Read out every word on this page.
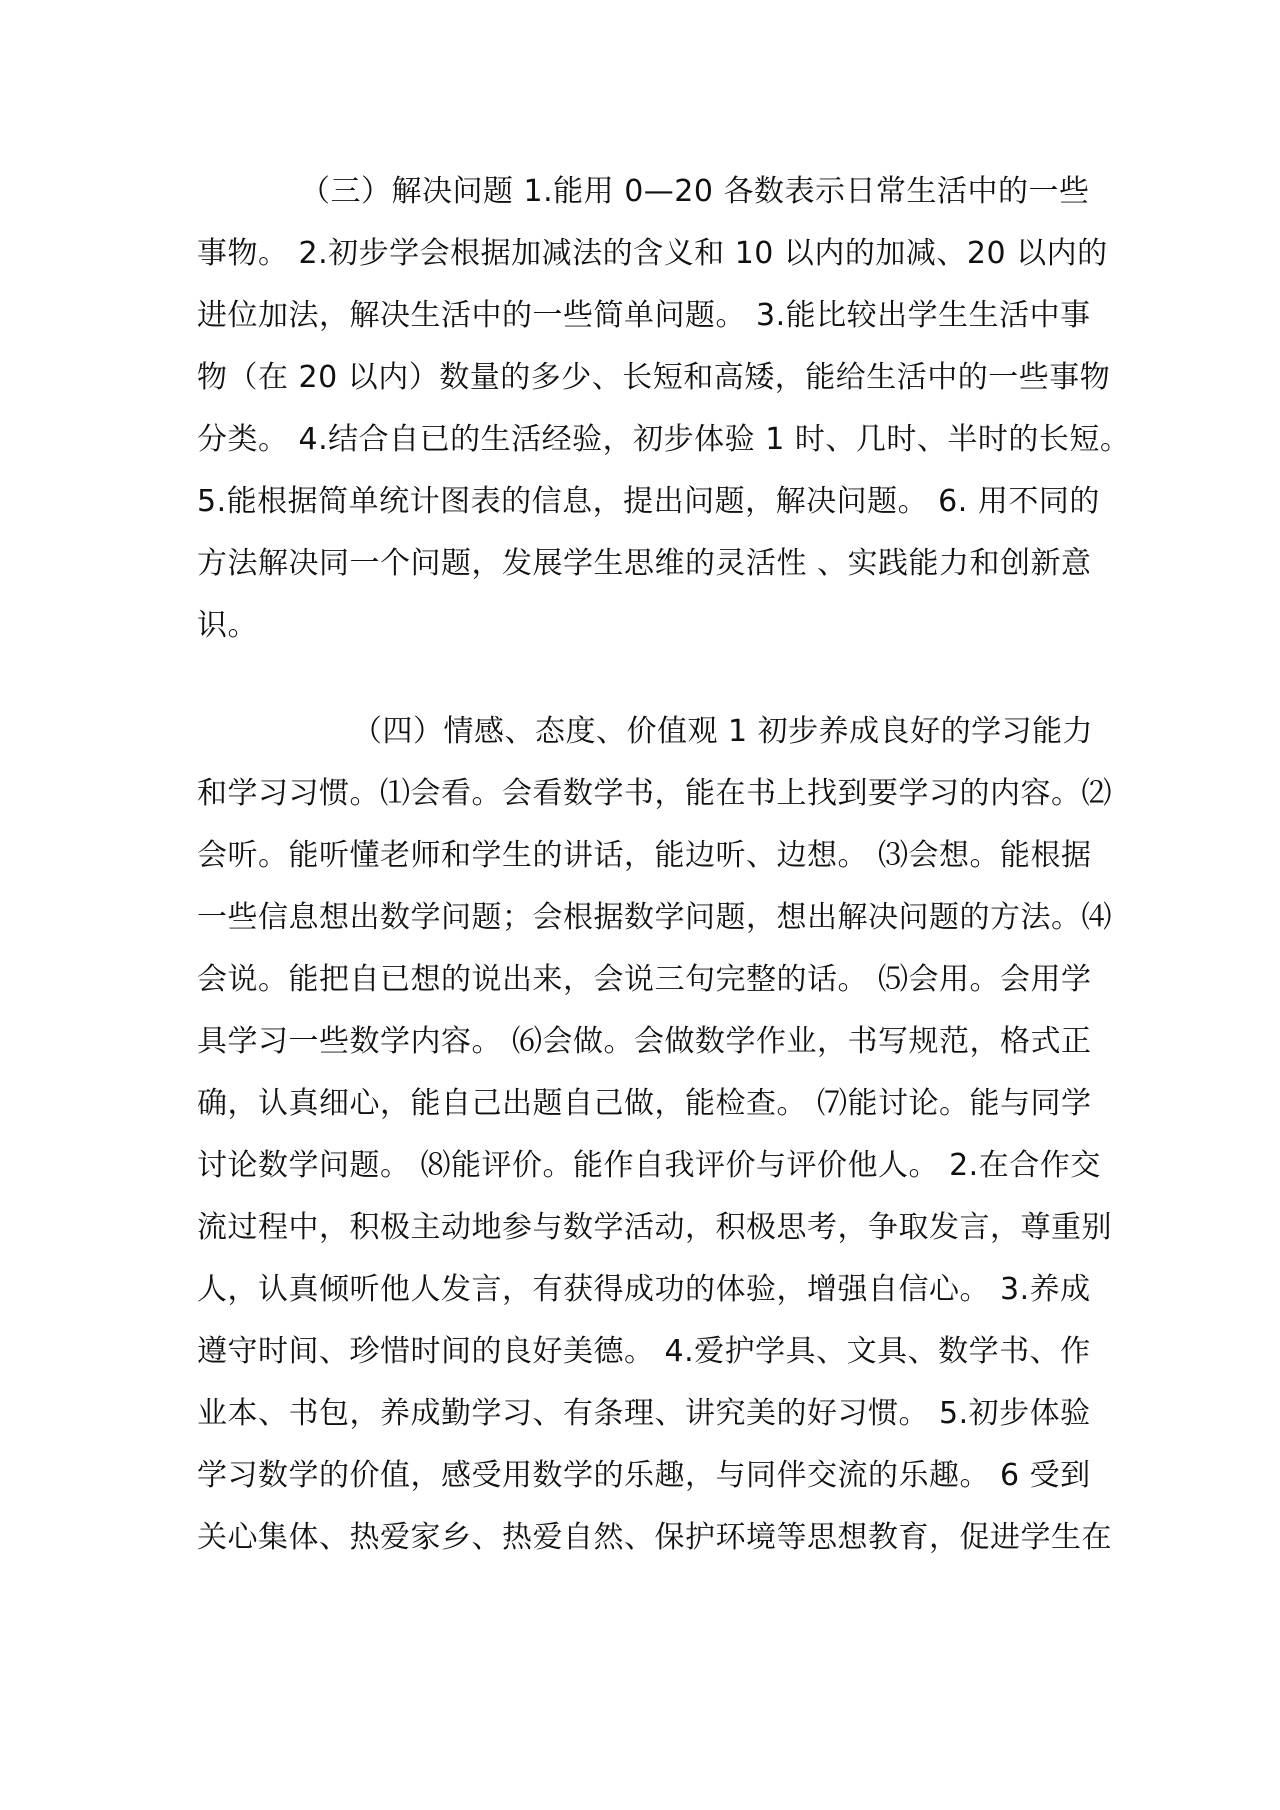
（三）解决问题 1.能用 0—20 各数表示日常生活中的一些
事物。 2.初步学会根据加减法的含义和 10 以内的加减、20 以内的
进位加法，解决生活中的一些简单问题。 3.能比较出学生生活中事
物（在 20 以内）数量的多少、长短和高矮，能给生活中的一些事物
分类。 4.结合自已的生活经验，初步体验 1 时、几时、半时的长短。
5.能根据简单统计图表的信息，提出问题，解决问题。 6. 用不同的
方法解决同一个问题，发展学生思维的灵活性 、实践能力和创新意
识。
（四）情感、态度、价值观 1 初步养成良好的学习能力
和学习习惯。⑴会看。会看数学书，能在书上找到要学习的内容。⑵
会听。能听懂老师和学生的讲话，能边听、边想。 ⑶会想。能根据
一些信息想出数学问题；会根据数学问题，想出解决问题的方法。⑷
会说。能把自已想的说出来，会说三句完整的话。 ⑸会用。会用学
具学习一些数学内容。 ⑹会做。会做数学作业，书写规范，格式正
确，认真细心，能自己出题自己做，能检查。 ⑺能讨论。能与同学
讨论数学问题。 ⑻能评价。能作自我评价与评价他人。 2.在合作交
流过程中，积极主动地参与数学活动，积极思考，争取发言，尊重别
人，认真倾听他人发言，有获得成功的体验，增强自信心。 3.养成
遵守时间、珍惜时间的良好美德。 4.爱护学具、文具、数学书、作
业本、书包，养成勤学习、有条理、讲究美的好习惯。 5.初步体验
学习数学的价值，感受用数学的乐趣，与同伴交流的乐趣。 6 受到
关心集体、热爱家乡、热爱自然、保护环境等思想教育，促进学生在
